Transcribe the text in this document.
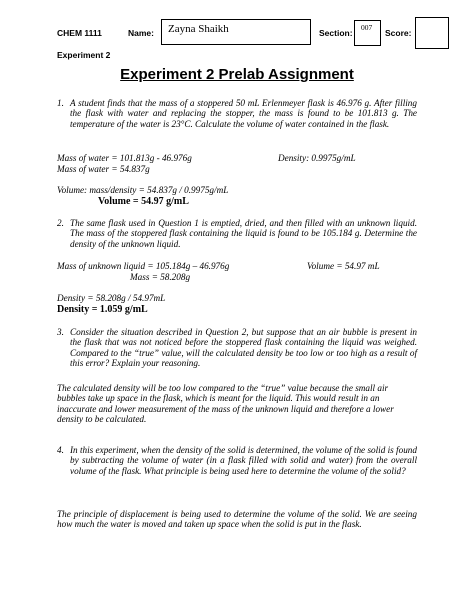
CHEM 1111	Name: Zayna Shaikh	Section:
007
Score:
Experiment 2
Experiment 2 Prelab Assignment
1. A student finds that the mass of a stoppered 50 mL Erlenmeyer flask is 46.976 g. After filling the flask with water and replacing the stopper, the mass is found to be 101.813 g. The temperature of the water is 23°C. Calculate the volume of water contained in the flask.
Mass of water = 101.813g - 46.976g	Density: 0.9975g/mL
Mass of water = 54.837g
Volume: mass/density = 54.837g / 0.9975g/mL
Volume = 54.97 g/mL
2. The same flask used in Question 1 is emptied, dried, and then filled with an unknown liquid. The mass of the stoppered flask containing the liquid is found to be 105.184 g. Determine the density of the unknown liquid.
Mass of unknown liquid = 105.184g – 46.976g	Volume = 54.97 mL
Mass = 58.208g
Density = 58.208g / 54.97mL
Density = 1.059 g/mL
3. Consider the situation described in Question 2, but suppose that an air bubble is present in the flask that was not noticed before the stoppered flask containing the liquid was weighed. Compared to the “true” value, will the calculated density be too low or too high as a result of this error? Explain your reasoning.
The calculated density will be too low compared to the “true” value because the small air bubbles take up space in the flask, which is meant for the liquid. This would result in an inaccurate and lower measurement of the mass of the unknown liquid and therefore a lower density to be calculated.
4. In this experiment, when the density of the solid is determined, the volume of the solid is found by subtracting the volume of water (in a flask filled with solid and water) from the overall volume of the flask. What principle is being used here to determine the volume of the solid?
The principle of displacement is being used to determine the volume of the solid. We are seeing how much the water is moved and taken up space when the solid is put in the flask.
